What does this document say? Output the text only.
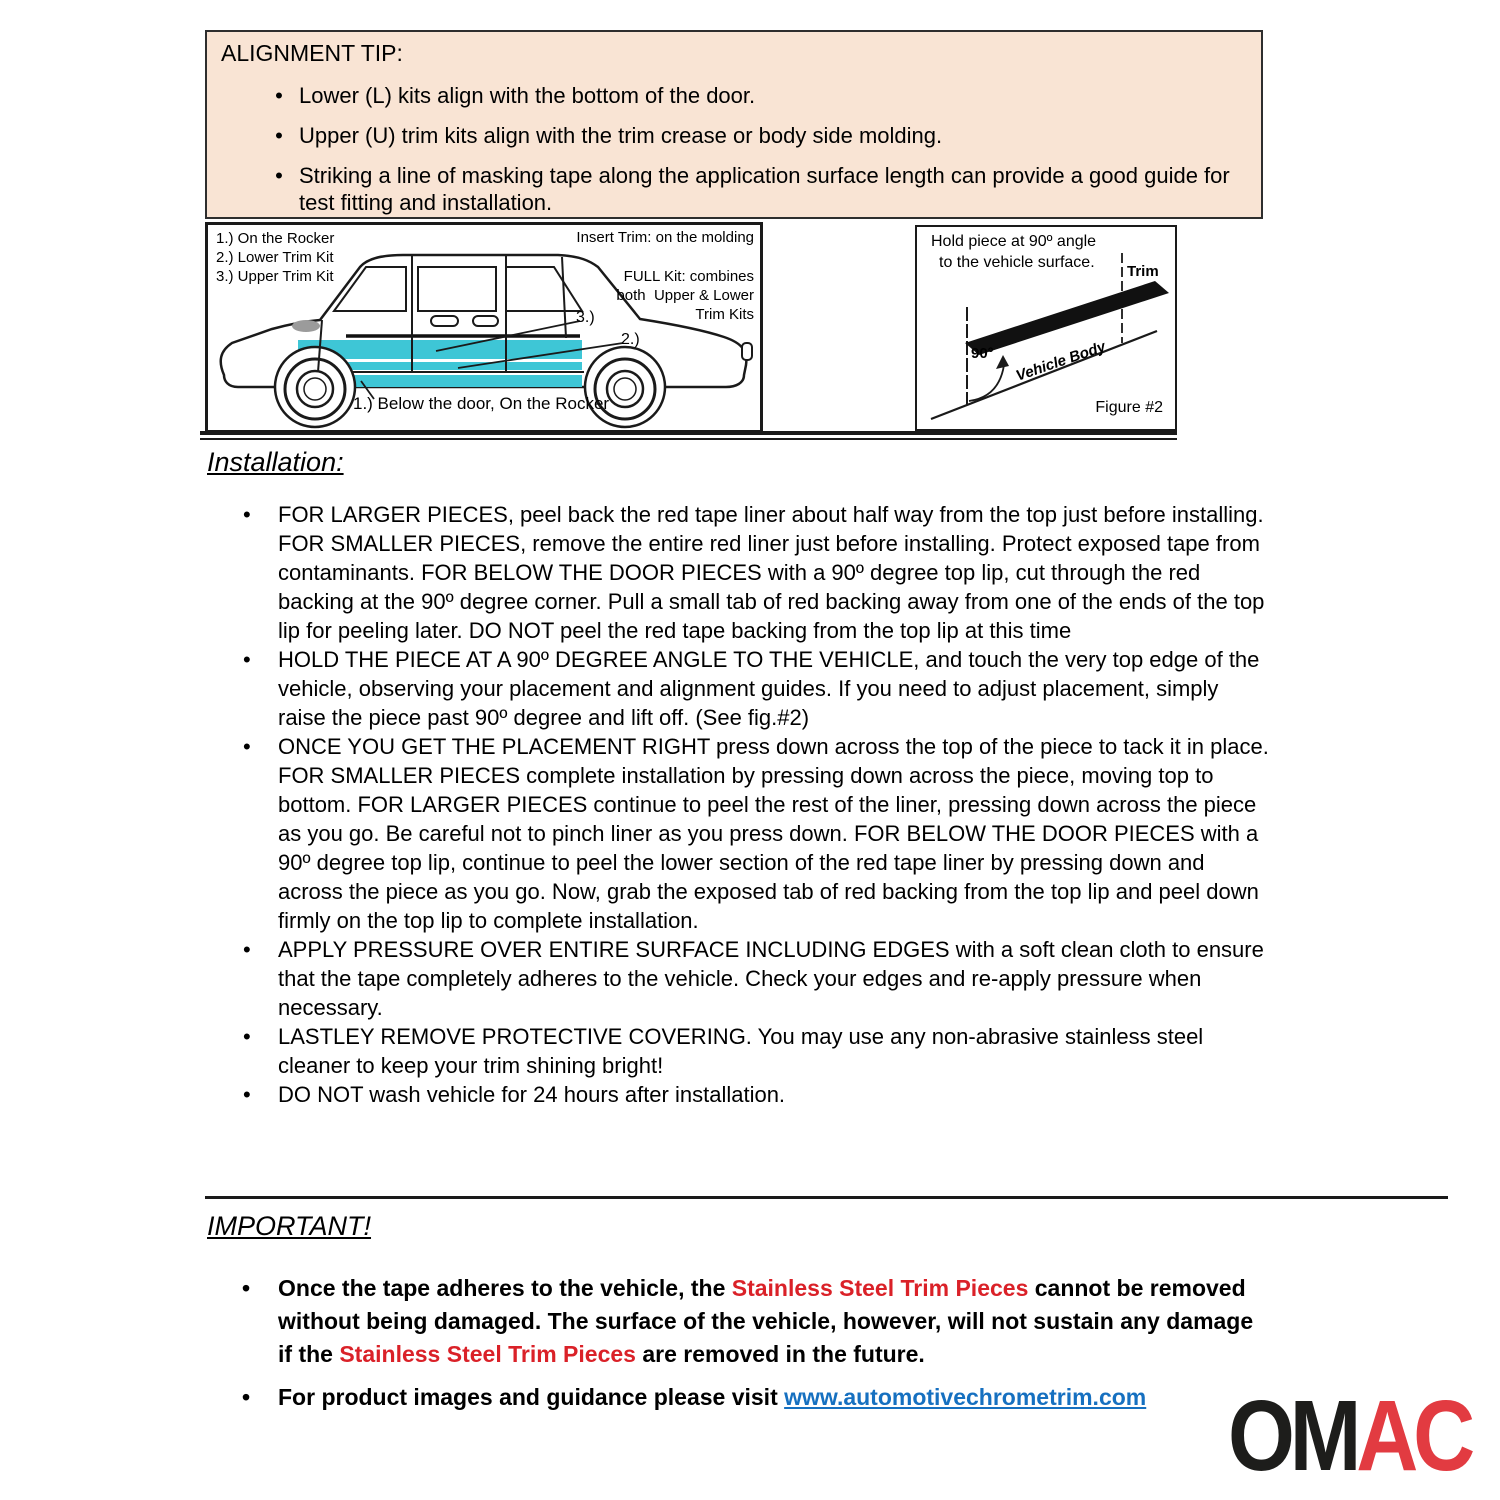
ALIGNMENT TIP:
• Lower (L) kits align with the bottom of the door.
• Upper (U) trim kits align with the trim crease or body side molding.
• Striking a line of masking tape along the application surface length can provide a good guide for test fitting and installation.
1.) On the Rocker
2.) Lower Trim Kit
3.) Upper Trim Kit
Insert Trim: on the molding
FULL Kit: combines
both  Upper & Lower
Trim Kits
3.)
2.)
1.) Below the door, On the Rocker
Hold piece at 90º angle
to the vehicle surface.
Trim
90° Vehicle Body
Figure #2
Installation:
•	FOR LARGER PIECES, peel back the red tape liner about half way from the top just before installing. FOR SMALLER PIECES, remove the entire red liner just before installing. Protect exposed tape from contaminants. FOR BELOW THE DOOR PIECES with a 90º degree top lip, cut through the red backing at the 90º degree corner. Pull a small tab of red backing away from one of the ends of the top lip for peeling later. DO NOT peel the red tape backing from the top lip at this time
•	HOLD THE PIECE AT A 90º DEGREE ANGLE TO THE VEHICLE, and touch the very top edge of the vehicle, observing your placement and alignment guides. If you need to adjust placement, simply raise the piece past 90º degree and lift off. (See fig.#2)
•	ONCE YOU GET THE PLACEMENT RIGHT press down across the top of the piece to tack it in place. FOR SMALLER PIECES complete installation by pressing down across the piece, moving top to bottom. FOR LARGER PIECES continue to peel the rest of the liner, pressing down across the piece as you go. Be careful not to pinch liner as you press down. FOR BELOW THE DOOR PIECES with a 90º degree top lip, continue to peel the lower section of the red tape liner by pressing down and across the piece as you go. Now, grab the exposed tab of red backing from the top lip and peel down firmly on the top lip to complete installation.
•	APPLY PRESSURE OVER ENTIRE SURFACE INCLUDING EDGES with a soft clean cloth to ensure that the tape completely adheres to the vehicle. Check your edges and re-apply pressure when necessary.
•	LASTLEY REMOVE PROTECTIVE COVERING. You may use any non-abrasive stainless steel cleaner to keep your trim shining bright!
•	DO NOT wash vehicle for 24 hours after installation.
IMPORTANT!
•	Once the tape adheres to the vehicle, the Stainless Steel Trim Pieces cannot be removed without being damaged. The surface of the vehicle, however, will not sustain any damage if the Stainless Steel Trim Pieces are removed in the future.
•	For product images and guidance please visit www.automotivechrometrim.com OMAC
